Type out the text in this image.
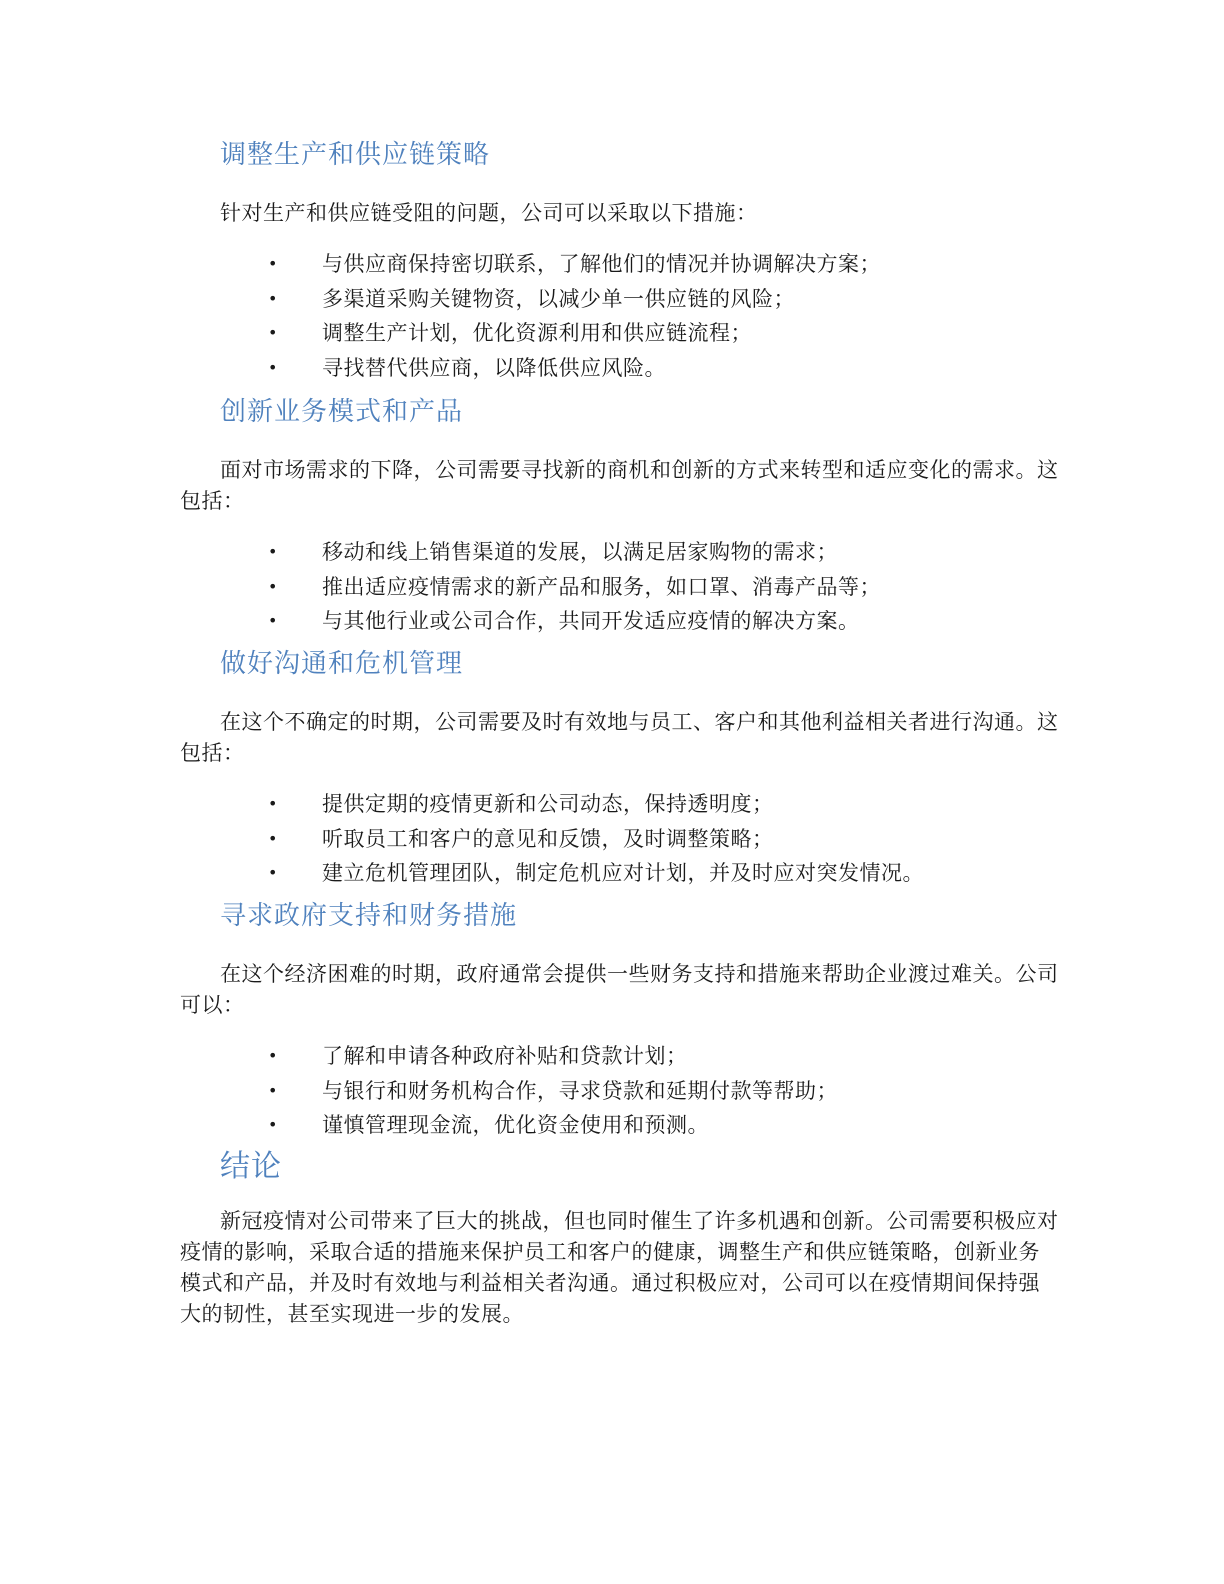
调整生产和供应链策略

针对生产和供应链受阻的问题，公司可以采取以下措施：

• 与供应商保持密切联系，了解他们的情况并协调解决方案；
• 多渠道采购关键物资，以减少单一供应链的风险；
• 调整生产计划，优化资源利用和供应链流程；
• 寻找替代供应商，以降低供应风险。
创新业务模式和产品

面对市场需求的下降，公司需要寻找新的商机和创新的方式来转型和适应变化的需求。这包括：

• 移动和线上销售渠道的发展，以满足居家购物的需求；
• 推出适应疫情需求的新产品和服务，如口罩、消毒产品等；
• 与其他行业或公司合作，共同开发适应疫情的解决方案。
做好沟通和危机管理

在这个不确定的时期，公司需要及时有效地与员工、客户和其他利益相关者进行沟通。这包括：

• 提供定期的疫情更新和公司动态，保持透明度；
• 听取员工和客户的意见和反馈，及时调整策略；
• 建立危机管理团队，制定危机应对计划，并及时应对突发情况。
寻求政府支持和财务措施

在这个经济困难的时期，政府通常会提供一些财务支持和措施来帮助企业渡过难关。公司可以：

• 了解和申请各种政府补贴和贷款计划；
• 与银行和财务机构合作，寻求贷款和延期付款等帮助；
• 谨慎管理现金流，优化资金使用和预测。
结论

新冠疫情对公司带来了巨大的挑战，但也同时催生了许多机遇和创新。公司需要积极应对疫情的影响，采取合适的措施来保护员工和客户的健康，调整生产和供应链策略，创新业务模式和产品，并及时有效地与利益相关者沟通。通过积极应对，公司可以在疫情期间保持强大的韧性，甚至实现进一步的发展。
